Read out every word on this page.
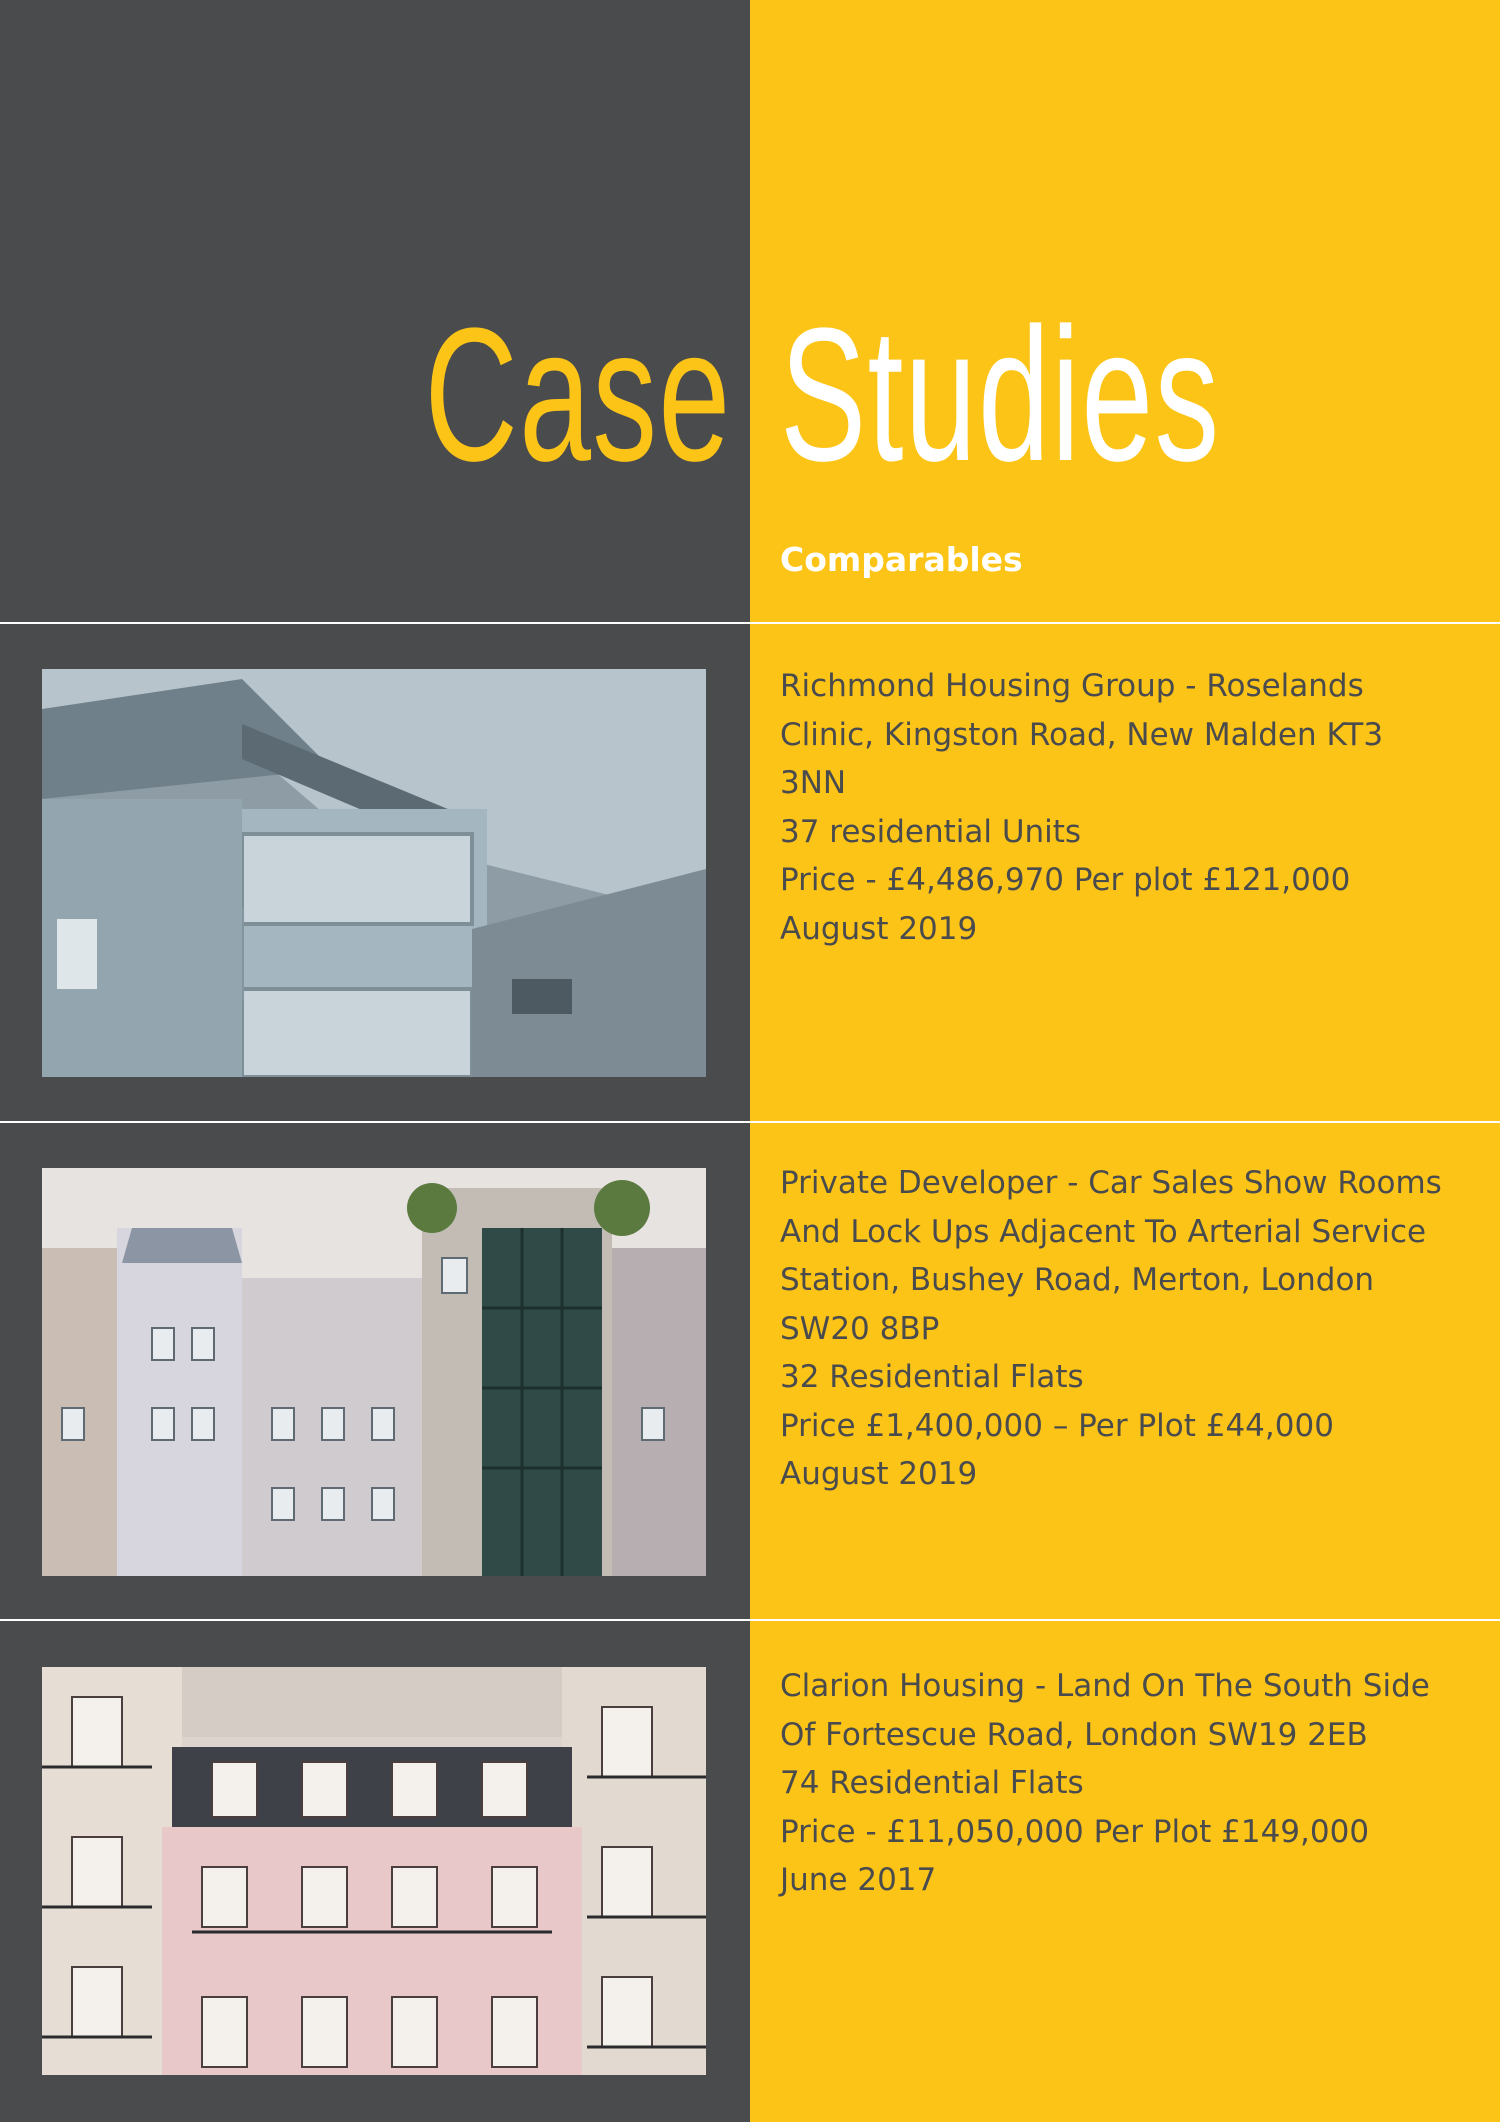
Case Studies
Comparables
Richmond Housing Group - Roselands
Clinic, Kingston Road, New Malden KT3
3NN
37 residential Units
Price - £4,486,970 Per plot £121,000
August 2019
Private Developer - Car Sales Show Rooms
And Lock Ups Adjacent To Arterial Service
Station, Bushey Road, Merton, London
SW20 8BP
32 Residential Flats
Price £1,400,000 – Per Plot £44,000
August 2019
Clarion Housing - Land On The South Side
Of Fortescue Road, London SW19 2EB
74 Residential Flats
Price - £11,050,000 Per Plot £149,000
June 2017
